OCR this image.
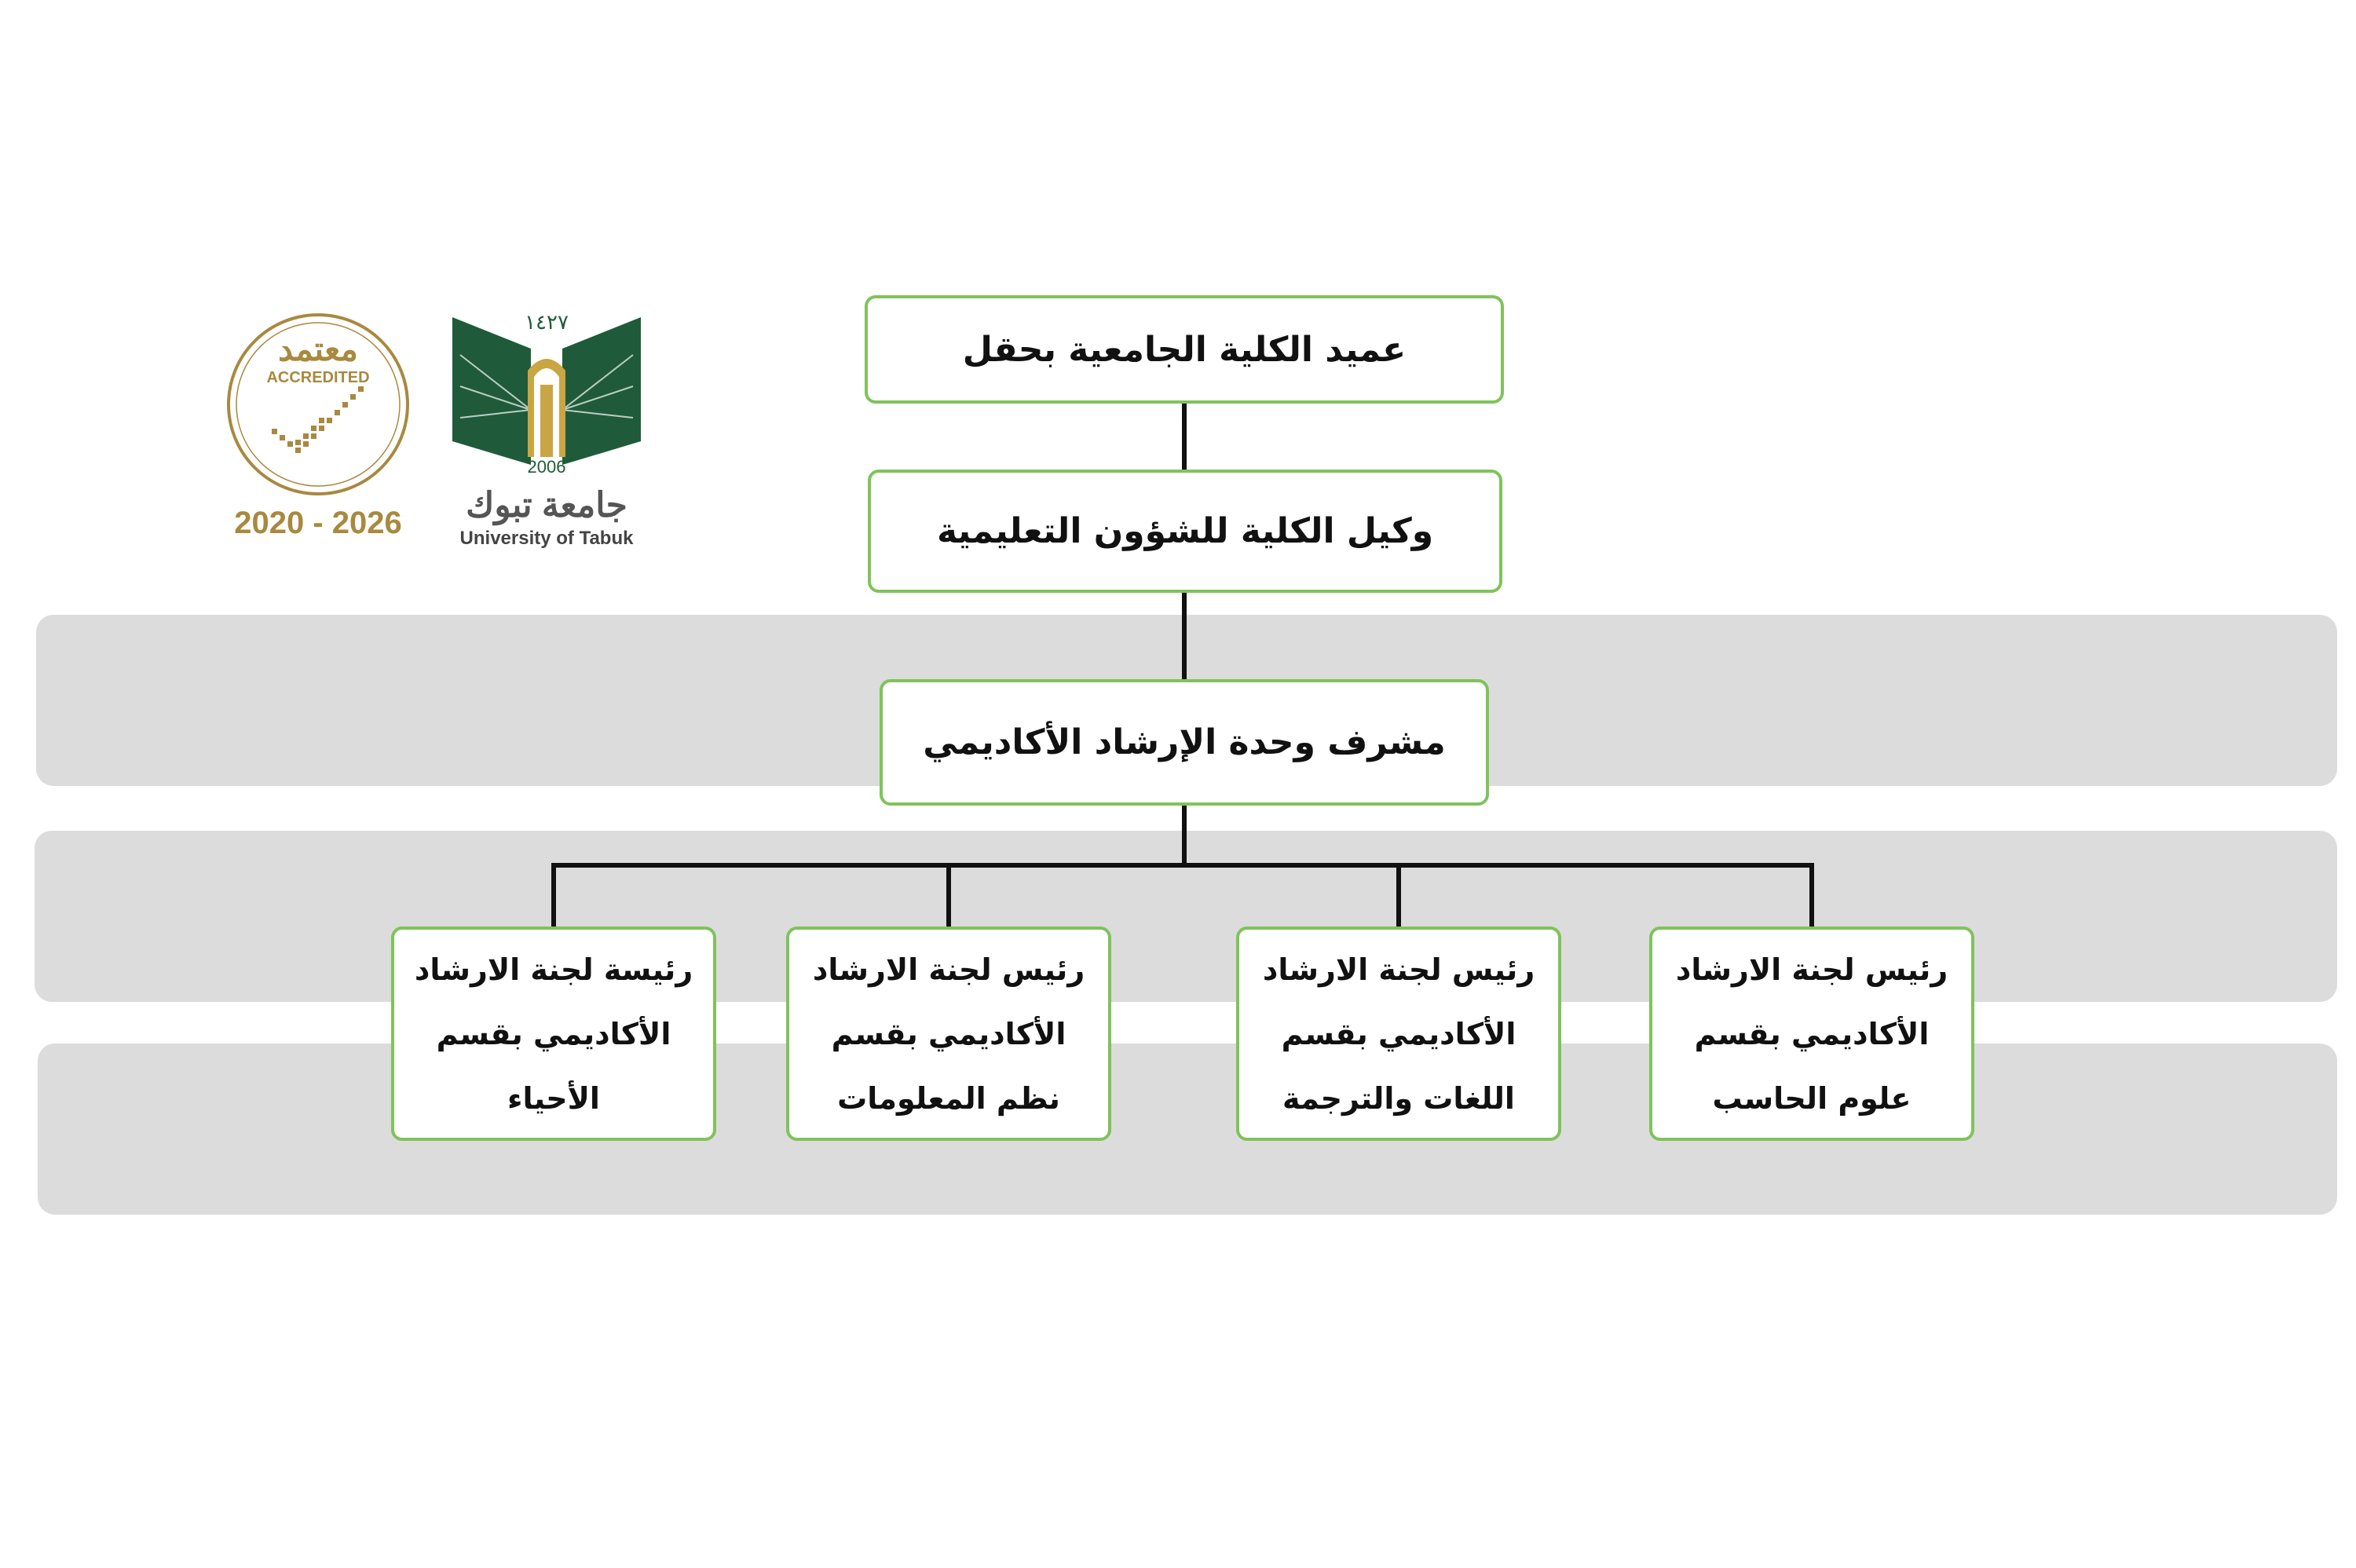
عميد الكلية الجامعية بحقل
وكيل الكلية للشؤون التعليمية
مشرف وحدة الإرشاد الأكاديمي
رئيسة لجنة الارشاد
الأكاديمي بقسم
الأحياء
رئيس لجنة الارشاد
الأكاديمي بقسم
نظم المعلومات
رئيس لجنة الارشاد
الأكاديمي بقسم
اللغات والترجمة
رئيس لجنة الارشاد
الأكاديمي بقسم
علوم الحاسب
معتمد
ACCREDITED
2020 - 2026
١٤٢٧
2006
جامعة تبوك
University of Tabuk
